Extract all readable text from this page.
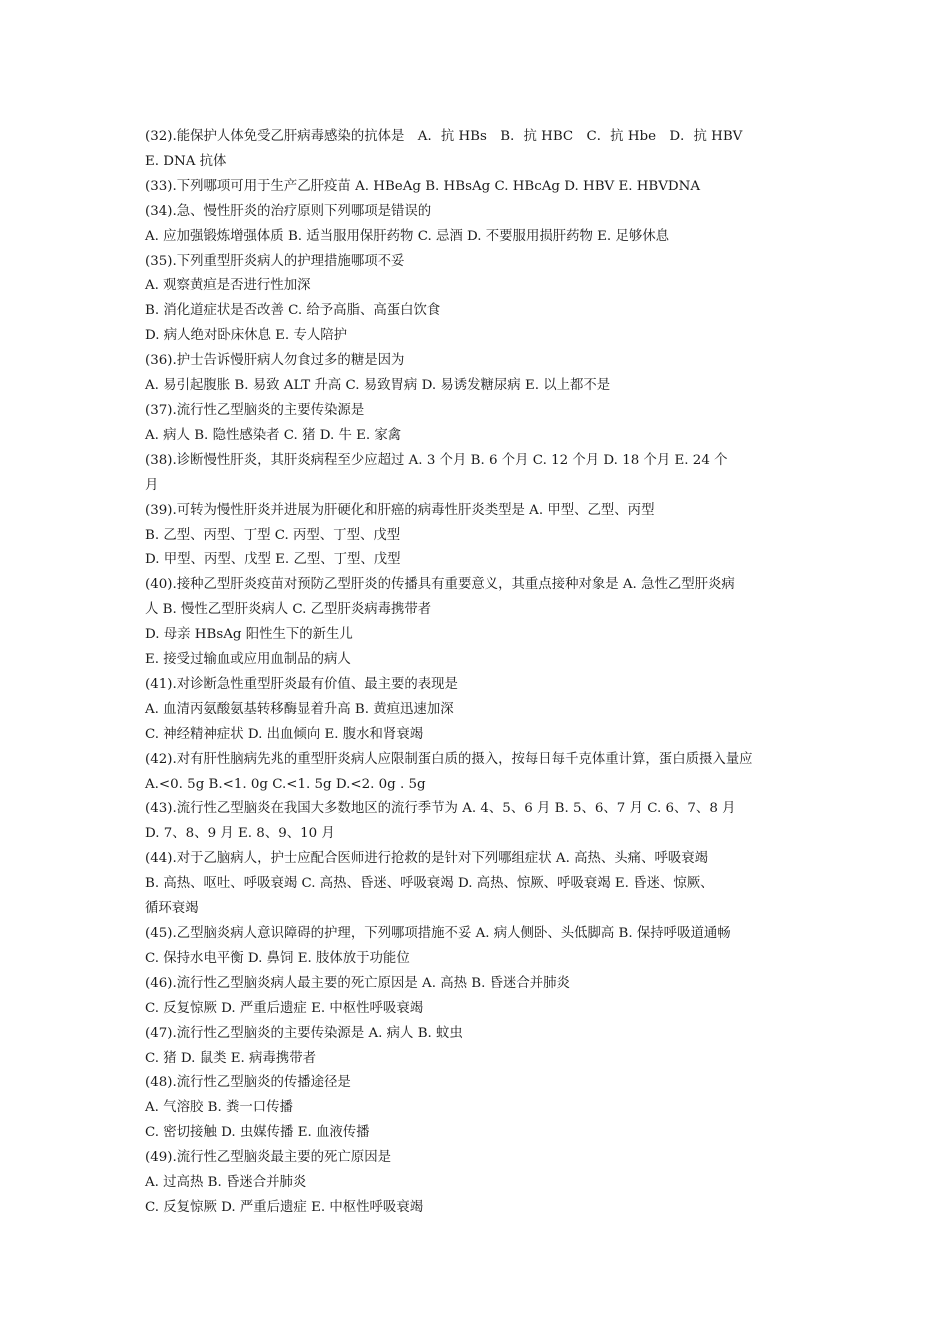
(32).能保护人体免受乙肝病毒感染的抗体是　A．抗 HBs　B．抗 HBC　C．抗 Hbe　D．抗 HBV
E. DNA 抗体
(33).下列哪项可用于生产乙肝疫苗 A. HBeAg B. HBsAg C. HBcAg D. HBV E. HBVDNA
(34).急、慢性肝炎的治疗原则下列哪项是错误的
A. 应加强锻炼增强体质 B. 适当服用保肝药物 C. 忌酒 D. 不要服用损肝药物 E. 足够休息
(35).下列重型肝炎病人的护理措施哪项不妥
A. 观察黄疸是否进行性加深
B. 消化道症状是否改善 C. 给予高脂、高蛋白饮食
D. 病人绝对卧床休息 E. 专人陪护
(36).护士告诉慢肝病人勿食过多的糖是因为
A. 易引起腹胀 B. 易致 ALT 升高 C. 易致胃病 D. 易诱发糖尿病 E. 以上都不是
(37).流行性乙型脑炎的主要传染源是
A. 病人 B. 隐性感染者 C. 猪 D. 牛 E. 家禽
(38).诊断慢性肝炎，其肝炎病程至少应超过 A. 3 个月 B. 6 个月 C. 12 个月 D. 18 个月 E. 24 个
月
(39).可转为慢性肝炎并进展为肝硬化和肝癌的病毒性肝炎类型是 A. 甲型、乙型、丙型
B. 乙型、丙型、丁型 C. 丙型、丁型、戊型
D. 甲型、丙型、戊型 E. 乙型、丁型、戊型
(40).接种乙型肝炎疫苗对预防乙型肝炎的传播具有重要意义，其重点接种对象是 A. 急性乙型肝炎病
人 B. 慢性乙型肝炎病人 C. 乙型肝炎病毒携带者
D. 母亲 HBsAg 阳性生下的新生儿
E. 接受过输血或应用血制品的病人
(41).对诊断急性重型肝炎最有价值、最主要的表现是
A. 血清丙氨酸氨基转移酶显着升高 B. 黄疸迅速加深
C. 神经精神症状 D. 出血倾向 E. 腹水和肾衰竭
(42).对有肝性脑病先兆的重型肝炎病人应限制蛋白质的摄入，按每日每千克体重计算，蛋白质摄入量应
A.<0. 5g B.<1. 0g C.<1. 5g D.<2. 0g . 5g
(43).流行性乙型脑炎在我国大多数地区的流行季节为 A. 4、5、6 月 B. 5、6、7 月 C. 6、7、8 月
D. 7、8、9 月 E. 8、9、10 月
(44).对于乙脑病人，护士应配合医师进行抢救的是针对下列哪组症状 A. 高热、头痛、呼吸衰竭
B. 高热、呕吐、呼吸衰竭 C. 高热、昏迷、呼吸衰竭 D. 高热、惊厥、呼吸衰竭 E. 昏迷、惊厥、
循环衰竭
(45).乙型脑炎病人意识障碍的护理，下列哪项措施不妥 A. 病人侧卧、头低脚高 B. 保持呼吸道通畅
C. 保持水电平衡 D. 鼻饲 E. 肢体放于功能位
(46).流行性乙型脑炎病人最主要的死亡原因是 A. 高热 B. 昏迷合并肺炎
C. 反复惊厥 D. 严重后遗症 E. 中枢性呼吸衰竭
(47).流行性乙型脑炎的主要传染源是 A. 病人 B. 蚊虫
C. 猪 D. 鼠类 E. 病毒携带者
(48).流行性乙型脑炎的传播途径是
A. 气溶胶 B. 粪一口传播
C. 密切接触 D. 虫媒传播 E. 血液传播
(49).流行性乙型脑炎最主要的死亡原因是
A. 过高热 B. 昏迷合并肺炎
C. 反复惊厥 D. 严重后遗症 E. 中枢性呼吸衰竭
